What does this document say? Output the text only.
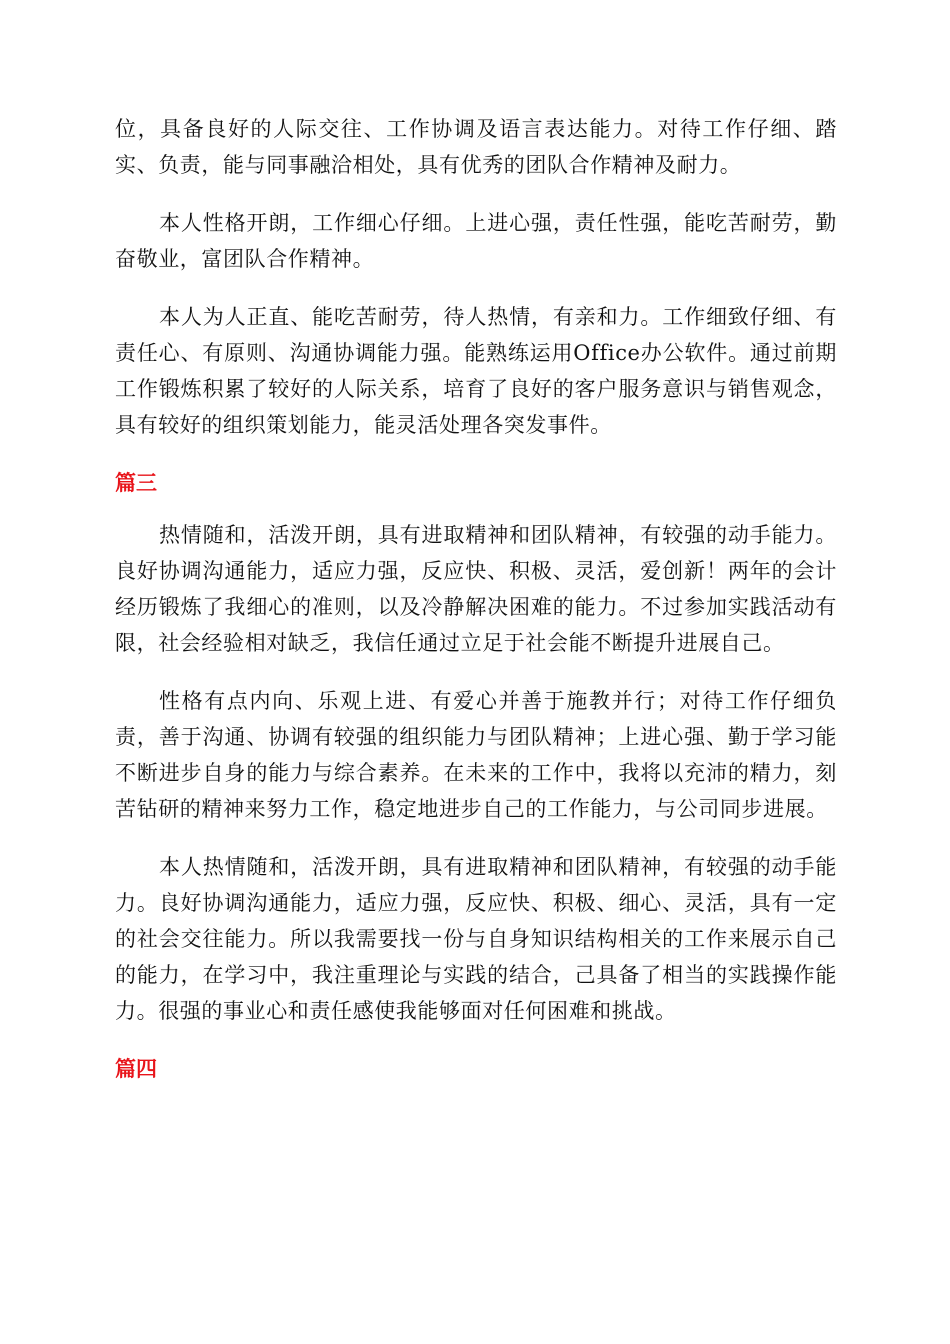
位，具备良好的人际交往、工作协调及语言表达能力。对待工作仔细、踏实、负责，能与同事融洽相处，具有优秀的团队合作精神及耐力。

本人性格开朗，工作细心仔细。上进心强，责任性强，能吃苦耐劳，勤奋敬业，富团队合作精神。

本人为人正直、能吃苦耐劳，待人热情，有亲和力。工作细致仔细、有责任心、有原则、沟通协调能力强。能熟练运用Office办公软件。通过前期工作锻炼积累了较好的人际关系，培育了良好的客户服务意识与销售观念，具有较好的组织策划能力，能灵活处理各突发事件。

篇三

热情随和，活泼开朗，具有进取精神和团队精神，有较强的动手能力。良好协调沟通能力，适应力强，反应快、积极、灵活，爱创新！两年的会计经历锻炼了我细心的准则，以及冷静解决困难的能力。不过参加实践活动有限，社会经验相对缺乏，我信任通过立足于社会能不断提升进展自己。

性格有点内向、乐观上进、有爱心并善于施教并行；对待工作仔细负责，善于沟通、协调有较强的组织能力与团队精神；上进心强、勤于学习能不断进步自身的能力与综合素养。在未来的工作中，我将以充沛的精力，刻苦钻研的精神来努力工作，稳定地进步自己的工作能力，与公司同步进展。

本人热情随和，活泼开朗，具有进取精神和团队精神，有较强的动手能力。良好协调沟通能力，适应力强，反应快、积极、细心、灵活，具有一定的社会交往能力。所以我需要找一份与自身知识结构相关的工作来展示自己的能力，在学习中，我注重理论与实践的结合，己具备了相当的实践操作能力。很强的事业心和责任感使我能够面对任何困难和挑战。

篇四
